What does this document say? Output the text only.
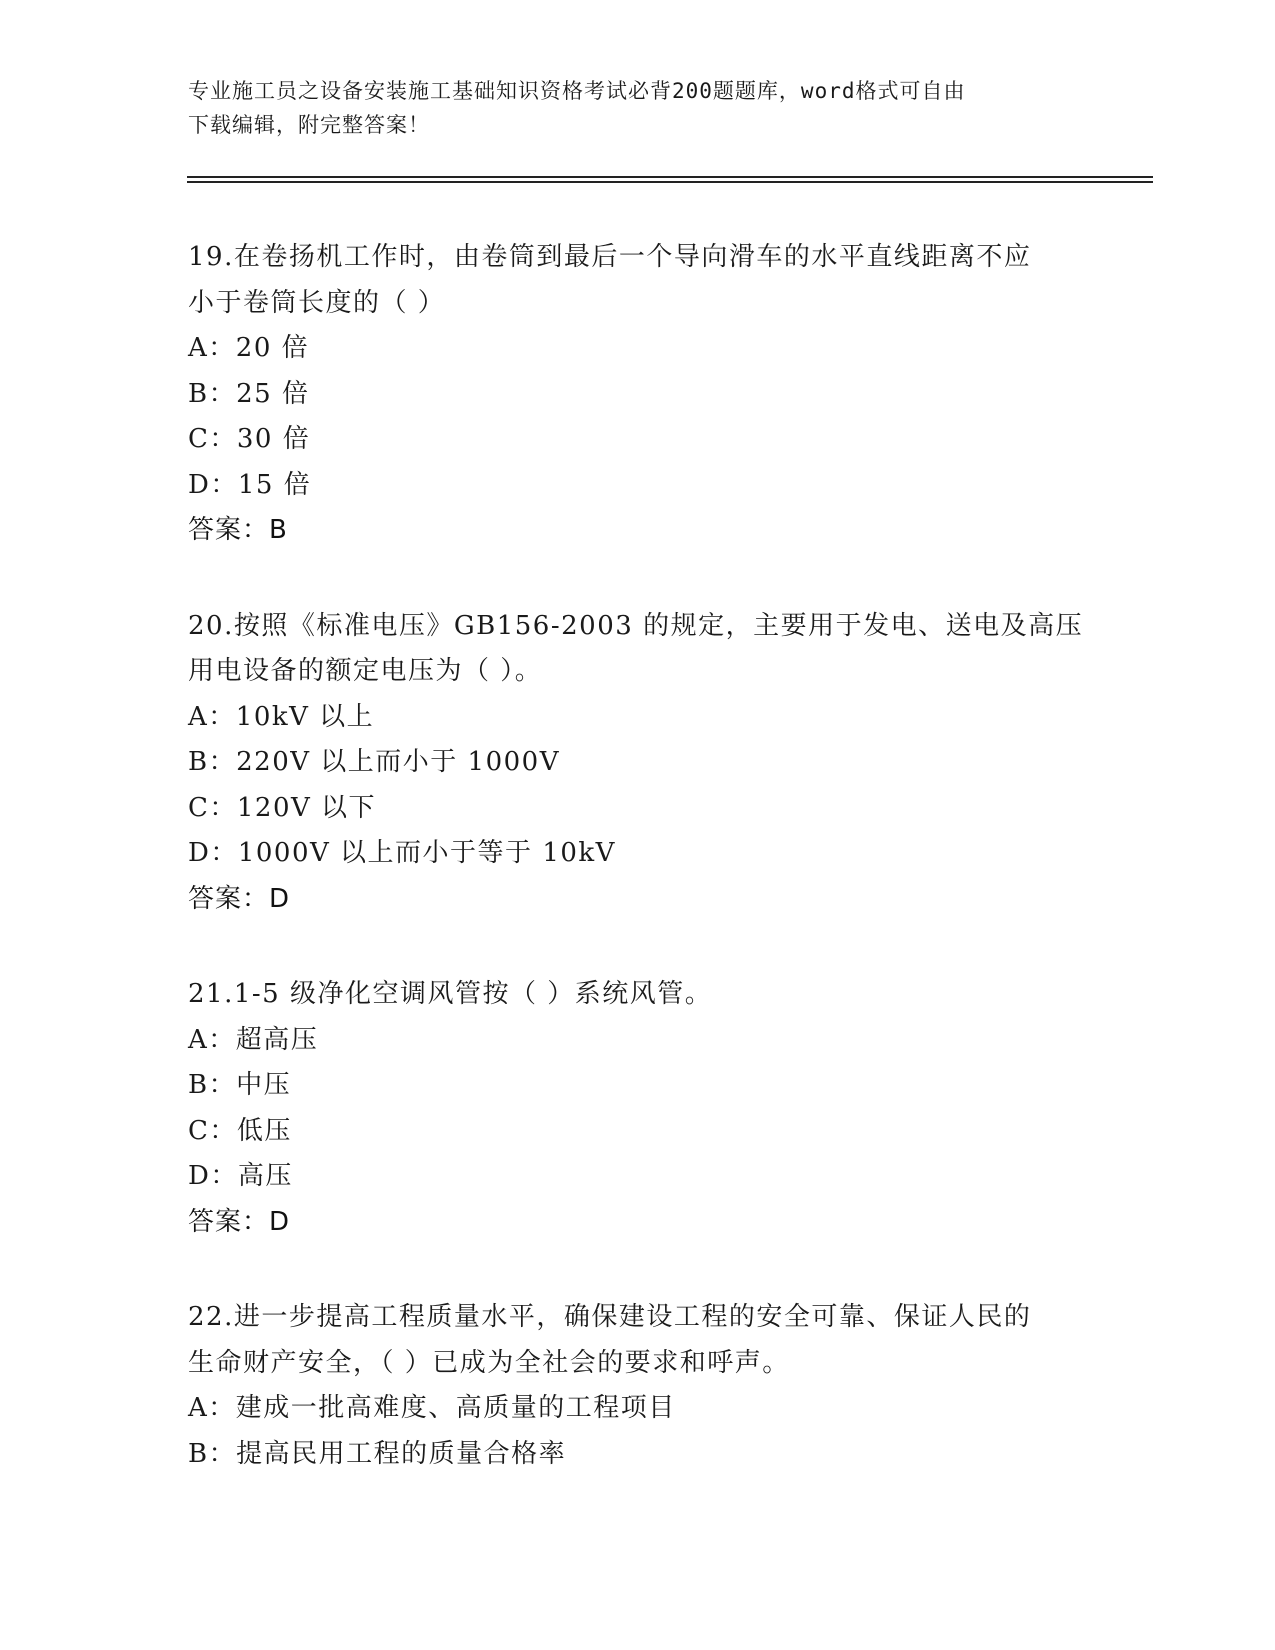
专业施工员之设备安装施工基础知识资格考试必背200题题库，word格式可自由
下载编辑，附完整答案！
19.在卷扬机工作时，由卷筒到最后一个导向滑车的水平直线距离不应
小于卷筒长度的（ ）
A：20 倍
B：25 倍
C：30 倍
D：15 倍
答案：B
20.按照《标准电压》GB156-2003 的规定，主要用于发电、送电及高压
用电设备的额定电压为（ ）。
A：10kV 以上
B：220V 以上而小于 1000V
C：120V 以下
D：1000V 以上而小于等于 10kV
答案：D
21.1-5 级净化空调风管按（ ）系统风管。
A：超高压
B：中压
C：低压
D：高压
答案：D
22.进一步提高工程质量水平，确保建设工程的安全可靠、保证人民的
生命财产安全，（ ）已成为全社会的要求和呼声。
A：建成一批高难度、高质量的工程项目
B：提高民用工程的质量合格率
